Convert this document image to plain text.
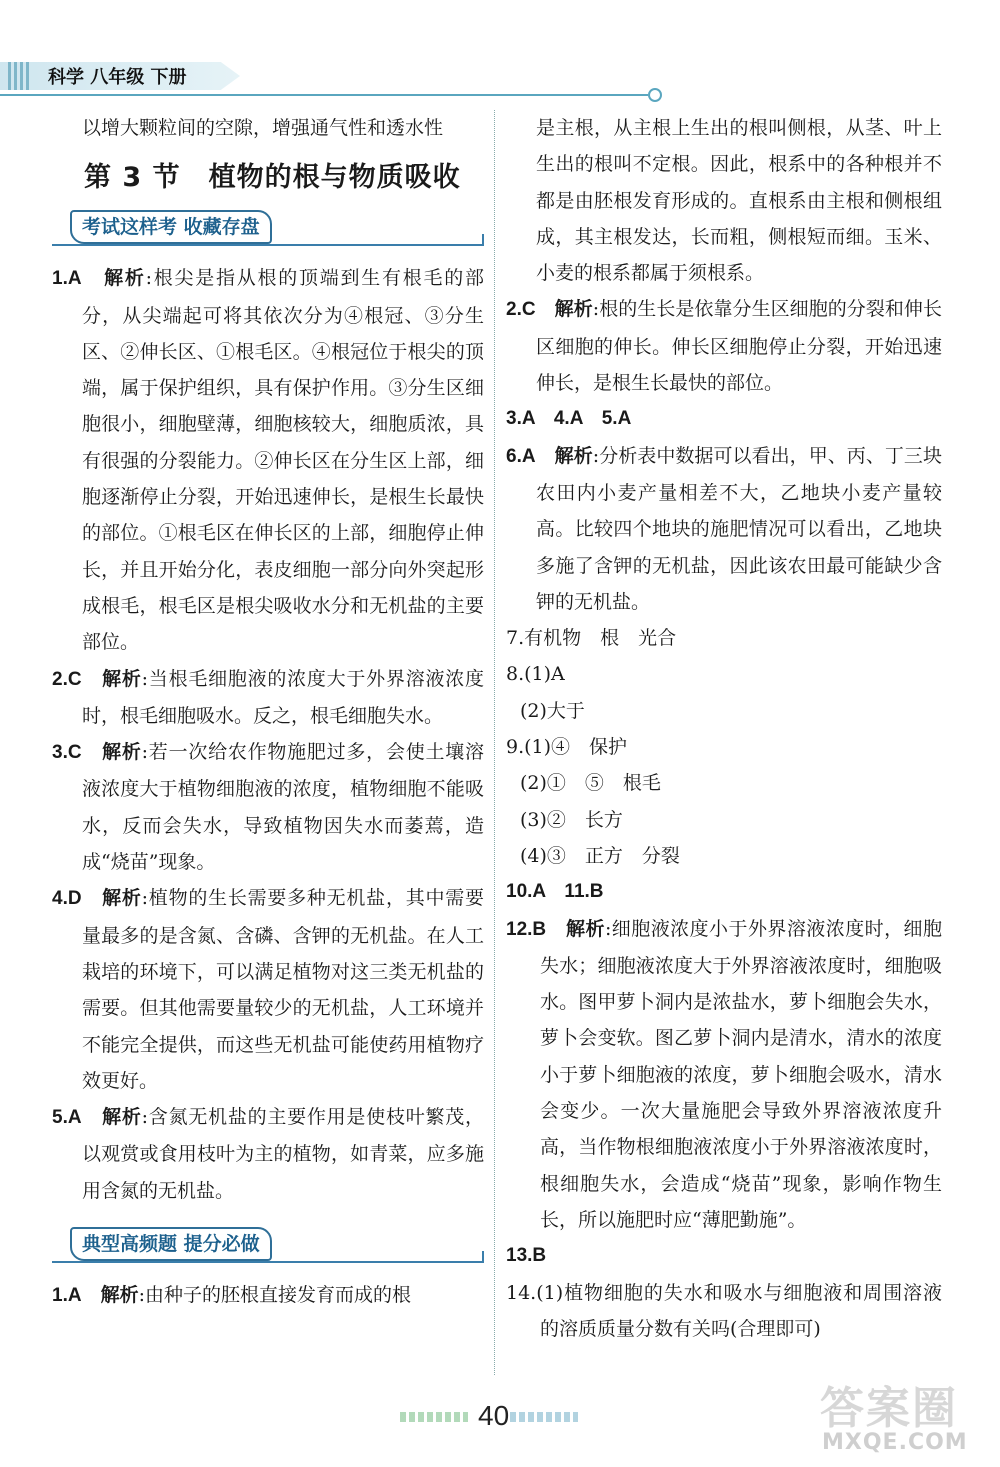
科学 八年级 下册

以增大颗粒间的空隙，增强通气性和透水性

第 3 节　植物的根与物质吸收
考试这样考 收藏存盘

1.A　 解析:根尖是指从根的顶端到生有根毛的部分，从尖端起可将其依次分为④根冠、③分生区、②伸长区、①根毛区。④根冠位于根尖的顶端，属于保护组织，具有保护作用。③分生区细胞很小，细胞壁薄，细胞核较大，细胞质浓，具有很强的分裂能力。②伸长区在分生区上部，细胞逐渐停止分裂，开始迅速伸长，是根生长最快的部位。①根毛区在伸长区的上部，细胞停止伸长，并且开始分化，表皮细胞一部分向外突起形成根毛，根毛区是根尖吸收水分和无机盐的主要部位。

2.C　 解析:当根毛细胞液的浓度大于外界溶液浓度时，根毛细胞吸水。反之，根毛细胞失水。

3.C　 解析:若一次给农作物施肥过多，会使土壤溶液浓度大于植物细胞液的浓度，植物细胞不能吸水，反而会失水，导致植物因失水而萎蔫，造成“烧苗”现象。

4.D　 解析:植物的生长需要多种无机盐，其中需要量最多的是含氮、含磷、含钾的无机盐。在人工栽培的环境下，可以满足植物对这三类无机盐的需要。但其他需要量较少的无机盐，人工环境并不能完全提供，而这些无机盐可能使药用植物疗效更好。

5.A　 解析:含氮无机盐的主要作用是使枝叶繁茂，以观赏或食用枝叶为主的植物，如青菜，应多施用含氮的无机盐。

典型高频题 提分必做

1.A　 解析:由种子的胚根直接发育而成的根

是主根，从主根上生出的根叫侧根，从茎、叶上生出的根叫不定根。因此，根系中的各种根并不都是由胚根发育形成的。直根系由主根和侧根组成，其主根发达，长而粗，侧根短而细。玉米、小麦的根系都属于须根系。

2.C　 解析:根的生长是依靠分生区细胞的分裂和伸长区细胞的伸长。伸长区细胞停止分裂，开始迅速伸长，是根生长最快的部位。

3.A　4.A　5.A

6.A　 解析:分析表中数据可以看出，甲、丙、丁三块农田内小麦产量相差不大，乙地块小麦产量较高。比较四个地块的施肥情况可以看出，乙地块多施了含钾的无机盐，因此该农田最可能缺少含钾的无机盐。

7.有机物　根　光合

8.(1)A

(2)大于

9.(1)④　保护

(2)①　⑤　根毛

(3)②　长方

(4)③　正方　分裂

10.A　11.B

12.B　 解析:细胞液浓度小于外界溶液浓度时，细胞失水；细胞液浓度大于外界溶液浓度时，细胞吸水。图甲萝卜洞内是浓盐水，萝卜细胞会失水，萝卜会变软。图乙萝卜洞内是清水，清水的浓度小于萝卜细胞液的浓度，萝卜细胞会吸水，清水会变少。一次大量施肥会导致外界溶液浓度升高，当作物根细胞液浓度小于外界溶液浓度时，根细胞失水，会造成“烧苗”现象，影响作物生长，所以施肥时应“薄肥勤施”。

13.B

14.(1)植物细胞的失水和吸水与细胞液和周围溶液的溶质质量分数有关吗(合理即可)

40	答案圈
MXQE.COM
